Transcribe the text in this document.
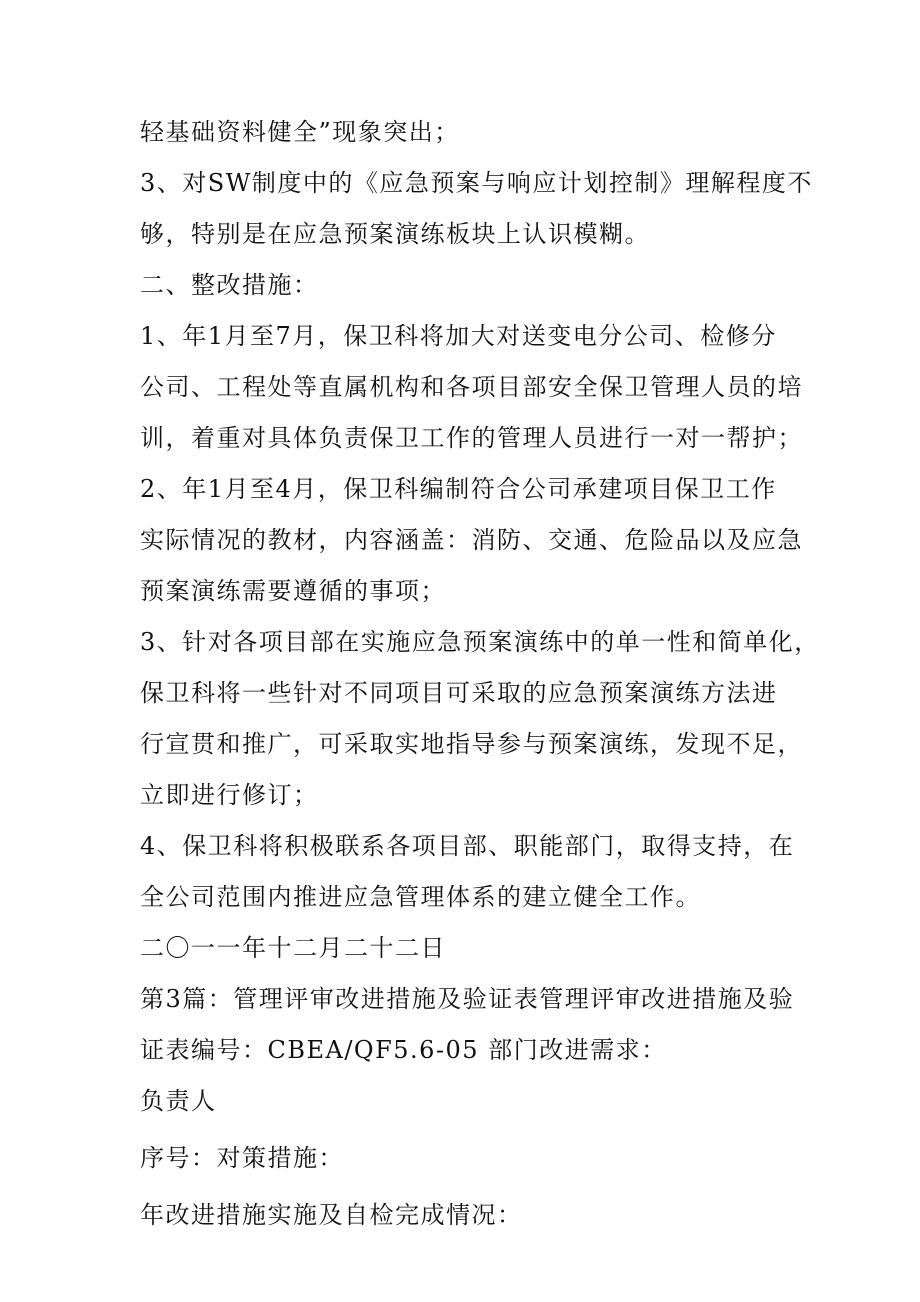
轻基础资料健全”现象突出；
3、对SW制度中的《应急预案与响应计划控制》理解程度不
够，特别是在应急预案演练板块上认识模糊。
二、整改措施：
1、年1月至7月，保卫科将加大对送变电分公司、检修分
公司、工程处等直属机构和各项目部安全保卫管理人员的培
训，着重对具体负责保卫工作的管理人员进行一对一帮护；
2、年1月至4月，保卫科编制符合公司承建项目保卫工作
实际情况的教材，内容涵盖：消防、交通、危险品以及应急
预案演练需要遵循的事项；
3、针对各项目部在实施应急预案演练中的单一性和简单化，
保卫科将一些针对不同项目可采取的应急预案演练方法进
行宣贯和推广，可采取实地指导参与预案演练，发现不足，
立即进行修订；
4、保卫科将积极联系各项目部、职能部门，取得支持，在
全公司范围内推进应急管理体系的建立健全工作。
二〇一一年十二月二十二日
第3篇：管理评审改进措施及验证表管理评审改进措施及验
证表编号：CBEA/QF5.6-05 部门改进需求：
负责人
序号：对策措施：
年改进措施实施及自检完成情况：
